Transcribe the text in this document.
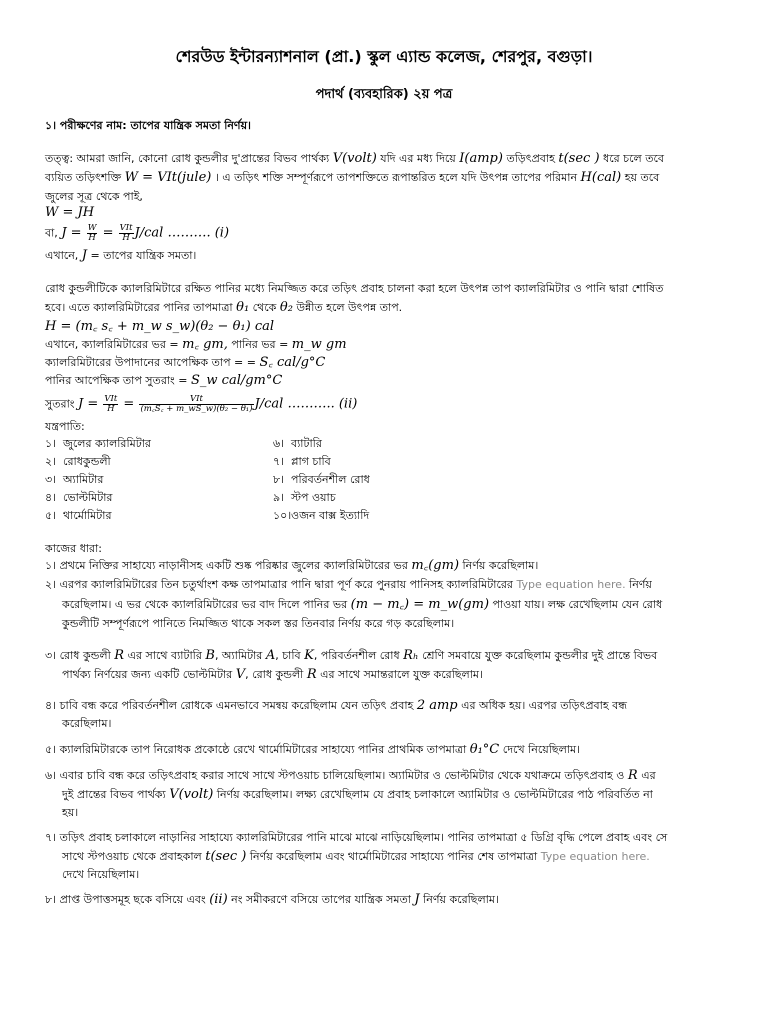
শেরউড ইন্টারন্যাশনাল (প্রা.) স্কুল এ্যান্ড কলেজ, শেরপুর, বগুড়া।
পদার্থ (ব্যবহারিক) ২য় পত্র
১। পরীক্ষণের নাম: তাপের যান্ত্রিক সমতা নির্ণয়।
তত্ত্ব: আমরা জানি, কোনো রোধ কুন্ডলীর দু'প্রান্তের বিভব পার্থক্য V(volt) যদি এর মধ্য দিয়ে I(amp) তড়িৎপ্রবাহ t(sec ) ধরে চলে তবে
ব্যয়িত তড়িৎশক্তি W = VIt(jule) । এ তড়িৎ শক্তি সম্পূর্ণরূপে তাপশক্তিতে রূপান্তরিত হলে যদি উৎপন্ন তাপের পরিমান H(cal) হয় তবে
জুলের সূত্র থেকে পাই,
W = JH
বা, $J = \frac{W}{H} = \frac{\text{VIt}}{H} J/cal$ ………. (i)
এখানে, J = তাপের যান্ত্রিক সমতা।
রোধ কুন্ডলীটিকে ক্যালরিমিটারে রক্ষিত পানির মধ্যে নিমজ্জিত করে তড়িৎ প্রবাহ চালনা করা হলে উৎপন্ন তাপ ক্যালরিমিটার ও পানি দ্বারা শোষিত
হবে। এতে ক্যালরিমিটারের পানির তাপমাত্রা θ₁ থেকে θ₂ উন্নীত হলে উৎপন্ন তাপ.
H = (m꜀ s꜀ + m_w s_w)(θ₂ − θ₁) cal
এখানে, ক্যালরিমিটারের ভর = m꜀ gm, পানির ভর = m_w gm
ক্যালরিমিটারের উপাদানের আপেক্ষিক তাপ = = S꜀ cal/g°C
পানির আপেক্ষিক তাপ সুতরাং = S_w cal/gm°C
সুতরাং $J = \frac{\text{VIt}}{H} = \frac{\text{VIt}}{\text{(m꜀S꜀ + m\_wS\_w)(θ₂ − θ₁)}} J/cal$ ……….. (ii)
যন্ত্রপাতি:
১। জুলের ক্যালরিমিটার	৬। ব্যাটারি
২। রোধকুন্ডলী	৭। প্লাগ চাবি
৩। অ্যামিটার	৮। পরিবর্তনশীল রোধ
৪। ভোল্টমিটার	৯। স্টপ ওয়াচ
৫। থার্মোমিটার	১০।ওজন বাক্স ইত্যাদি
কাজের ধারা:
১। প্রথমে নিক্তির সাহায্যে নাড়ানীসহ একটি শুষ্ক পরিষ্কার জুলের ক্যালরিমিটারের ভর m꜀(gm) নির্ণয় করেছিলাম।
২। এরপর ক্যালরিমিটারের তিন চতুর্থাংশ কক্ষ তাপমাত্রার পানি দ্বারা পূর্ণ করে পুনরায় পানিসহ ক্যালরিমিটারের Type equation here. নির্ণয়
করেছিলাম। এ ভর থেকে ক্যালরিমিটারের ভর বাদ দিলে পানির ভর (m − m꜀) = m_w(gm) পাওয়া যায়। লক্ষ রেখেছিলাম যেন রোধ
কুন্ডলীটি সম্পূর্ণরূপে পানিতে নিমজ্জিত থাকে সকল স্তর তিনবার নির্ণয় করে গড় করেছিলাম।
৩। রোধ কুন্ডলী R এর সাথে ব্যাটারি B, অ্যামিটার A, চাবি K, পরিবর্তনশীল রোধ Rₕ শ্রেণি সমবায়ে যুক্ত করেছিলাম কুন্ডলীর দুই প্রান্তে বিভব
পার্থক্য নির্ণয়ের জন্য একটি ভোল্টমিটার V, রোধ কুন্ডলী R এর সাথে সমান্তরালে যুক্ত করেছিলাম।
৪। চাবি বন্ধ করে পরিবর্তনশীল রোধকে এমনভাবে সমন্বয় করেছিলাম যেন তড়িৎ প্রবাহ 2 amp এর অধিক হয়। এরপর তড়িৎপ্রবাহ বন্ধ
করেছিলাম।
৫। ক্যালরিমিটারকে তাপ নিরোধক প্রকোষ্ঠে রেখে থার্মোমিটারের সাহায্যে পানির প্রাথমিক তাপমাত্রা θ₁°C দেখে নিয়েছিলাম।
৬। এবার চাবি বন্ধ করে তড়িৎপ্রবাহ করার সাথে সাথে স্টপওয়াচ চালিয়েছিলাম। অ্যামিটার ও ভোল্টমিটার থেকে যথাক্রমে তড়িৎপ্রবাহ ও R এর
দুই প্রান্তের বিভব পার্থক্য V(volt) নির্ণয় করেছিলাম। লক্ষ্য রেখেছিলাম যে প্রবাহ চলাকালে অ্যামিটার ও ভোল্টমিটারের পাঠ পরিবর্তিত না
হয়।
৭। তড়িৎ প্রবাহ চলাকালে নাড়ানির সাহায্যে ক্যালরিমিটারের পানি মাঝে মাঝে নাড়িয়েছিলাম। পানির তাপমাত্রা ৫ ডিগ্রি বৃদ্ধি পেলে প্রবাহ এবং সে
সাথে স্টপওয়াচ থেকে প্রবাহকাল t(sec ) নির্ণয় করেছিলাম এবং থার্মোমিটারের সাহায্যে পানির শেষ তাপমাত্রা Type equation here.
দেখে নিয়েছিলাম।
৮। প্রাপ্ত উপাত্তসমূহ ছকে বসিয়ে এবং (ii) নং সমীকরণে বসিয়ে তাপের যান্ত্রিক সমতা J নির্ণয় করেছিলাম।
